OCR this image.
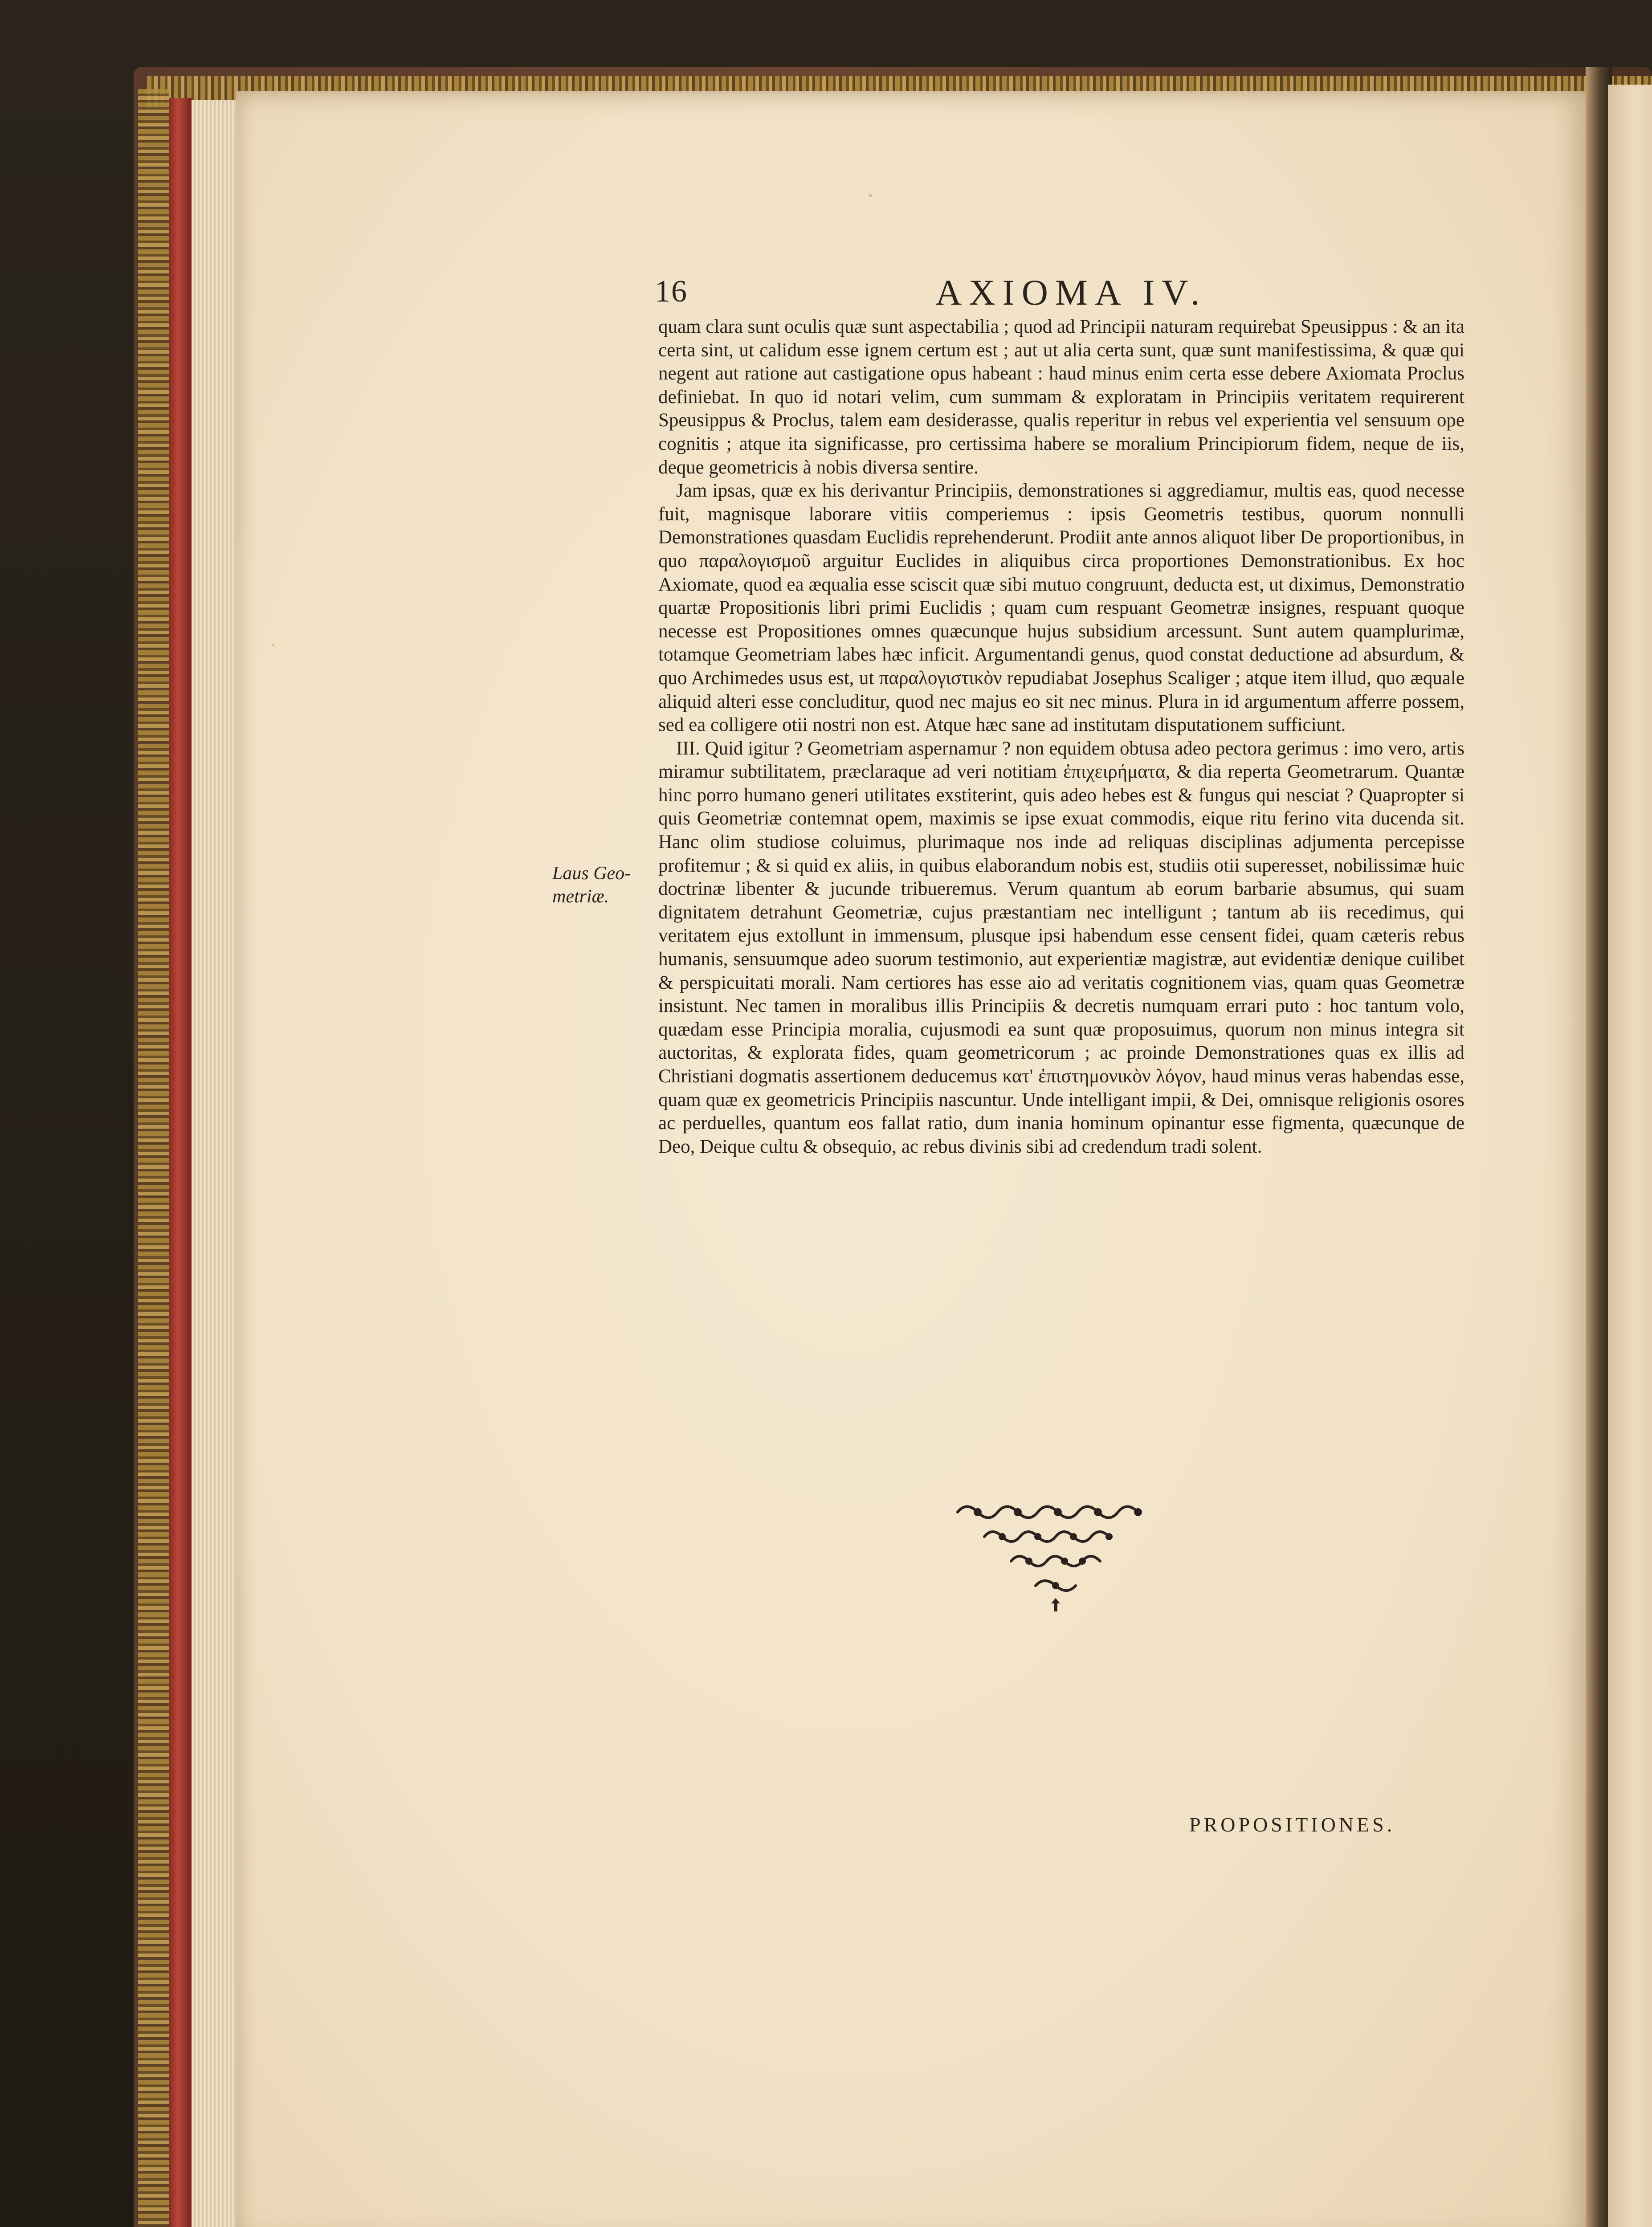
16	AXIOMA IV.
Laus Geo-
metriæ.

quam clara sunt oculis quæ sunt aspectabilia ; quod ad Principii naturam requirebat Speusippus : & an ita certa sint, ut calidum esse ignem certum est ; aut ut alia certa sunt, quæ sunt manifestissima, & quæ qui negent aut ratione aut castigatione opus habeant : haud minus enim certa esse debere Axiomata Proclus definiebat. In quo id notari velim, cum summam & exploratam in Principiis veritatem requirerent Speusippus & Proclus, talem eam desiderasse, qualis reperitur in rebus vel experientia vel sensuum ope cognitis ; atque ita significasse, pro certissima habere se moralium Principiorum fidem, neque de iis, deque geometricis à nobis diversa sentire.

Jam ipsas, quæ ex his derivantur Principiis, demonstrationes si aggrediamur, multis eas, quod necesse fuit, magnisque laborare vitiis comperiemus : ipsis Geometris testibus, quorum nonnulli Demonstrationes quasdam Euclidis reprehenderunt. Prodiit ante annos aliquot liber De proportionibus, in quo παραλογισμοῦ arguitur Euclides in aliquibus circa proportiones Demonstrationibus. Ex hoc Axiomate, quod ea æqualia esse sciscit quæ sibi mutuo congruunt, deducta est, ut diximus, Demonstratio quartæ Propositionis libri primi Euclidis ; quam cum respuant Geometræ insignes, respuant quoque necesse est Propositiones omnes quæcunque hujus subsidium arcessunt. Sunt autem quamplurimæ, totamque Geometriam labes hæc inficit. Argumentandi genus, quod constat deductione ad absurdum, & quo Archimedes usus est, ut παραλογιστικὸν repudiabat Josephus Scaliger ; atque item illud, quo æquale aliquid alteri esse concluditur, quod nec majus eo sit nec minus. Plura in id argumentum afferre possem, sed ea colligere otii nostri non est. Atque hæc sane ad institutam disputationem sufficiunt.

III. Quid igitur ? Geometriam aspernamur ? non equidem obtusa adeo pectora gerimus : imo vero, artis miramur subtilitatem, præclaraque ad veri notitiam ἐπιχειρήματα, & dia reperta Geometrarum. Quantæ hinc porro humano generi utilitates exstiterint, quis adeo hebes est & fungus qui nesciat ? Quapropter si quis Geometriæ contemnat opem, maximis se ipse exuat commodis, eique ritu ferino vita ducenda sit. Hanc olim studiose coluimus, plurimaque nos inde ad reliquas disciplinas adjumenta percepisse profitemur ; & si quid ex aliis, in quibus elaborandum nobis est, studiis otii superesset, nobilissimæ huic doctrinæ libenter & jucunde tribueremus. Verum quantum ab eorum barbarie absumus, qui suam dignitatem detrahunt Geometriæ, cujus præstantiam nec intelligunt ; tantum ab iis recedimus, qui veritatem ejus extollunt in immensum, plusque ipsi habendum esse censent fidei, quam cæteris rebus humanis, sensuumque adeo suorum testimonio, aut experientiæ magistræ, aut evidentiæ denique cuilibet & perspicuitati morali. Nam certiores has esse aio ad veritatis cognitionem vias, quam quas Geometræ insistunt. Nec tamen in moralibus illis Principiis & decretis numquam errari puto : hoc tantum volo, quædam esse Principia moralia, cujusmodi ea sunt quæ proposuimus, quorum non minus integra sit auctoritas, & explorata fides, quam geometricorum ; ac proinde Demonstrationes quas ex illis ad Christiani dogmatis assertionem deducemus κατ' ἐπιστημονικὸν λόγον, haud minus veras habendas esse, quam quæ ex geometricis Principiis nascuntur. Unde intelligant impii, & Dei, omnisque religionis osores ac perduelles, quantum eos fallat ratio, dum inania hominum opinantur esse figmenta, quæcunque de Deo, Deique cultu & obsequio, ac rebus divinis sibi ad credendum tradi solent.

PROPOSITIONES.
